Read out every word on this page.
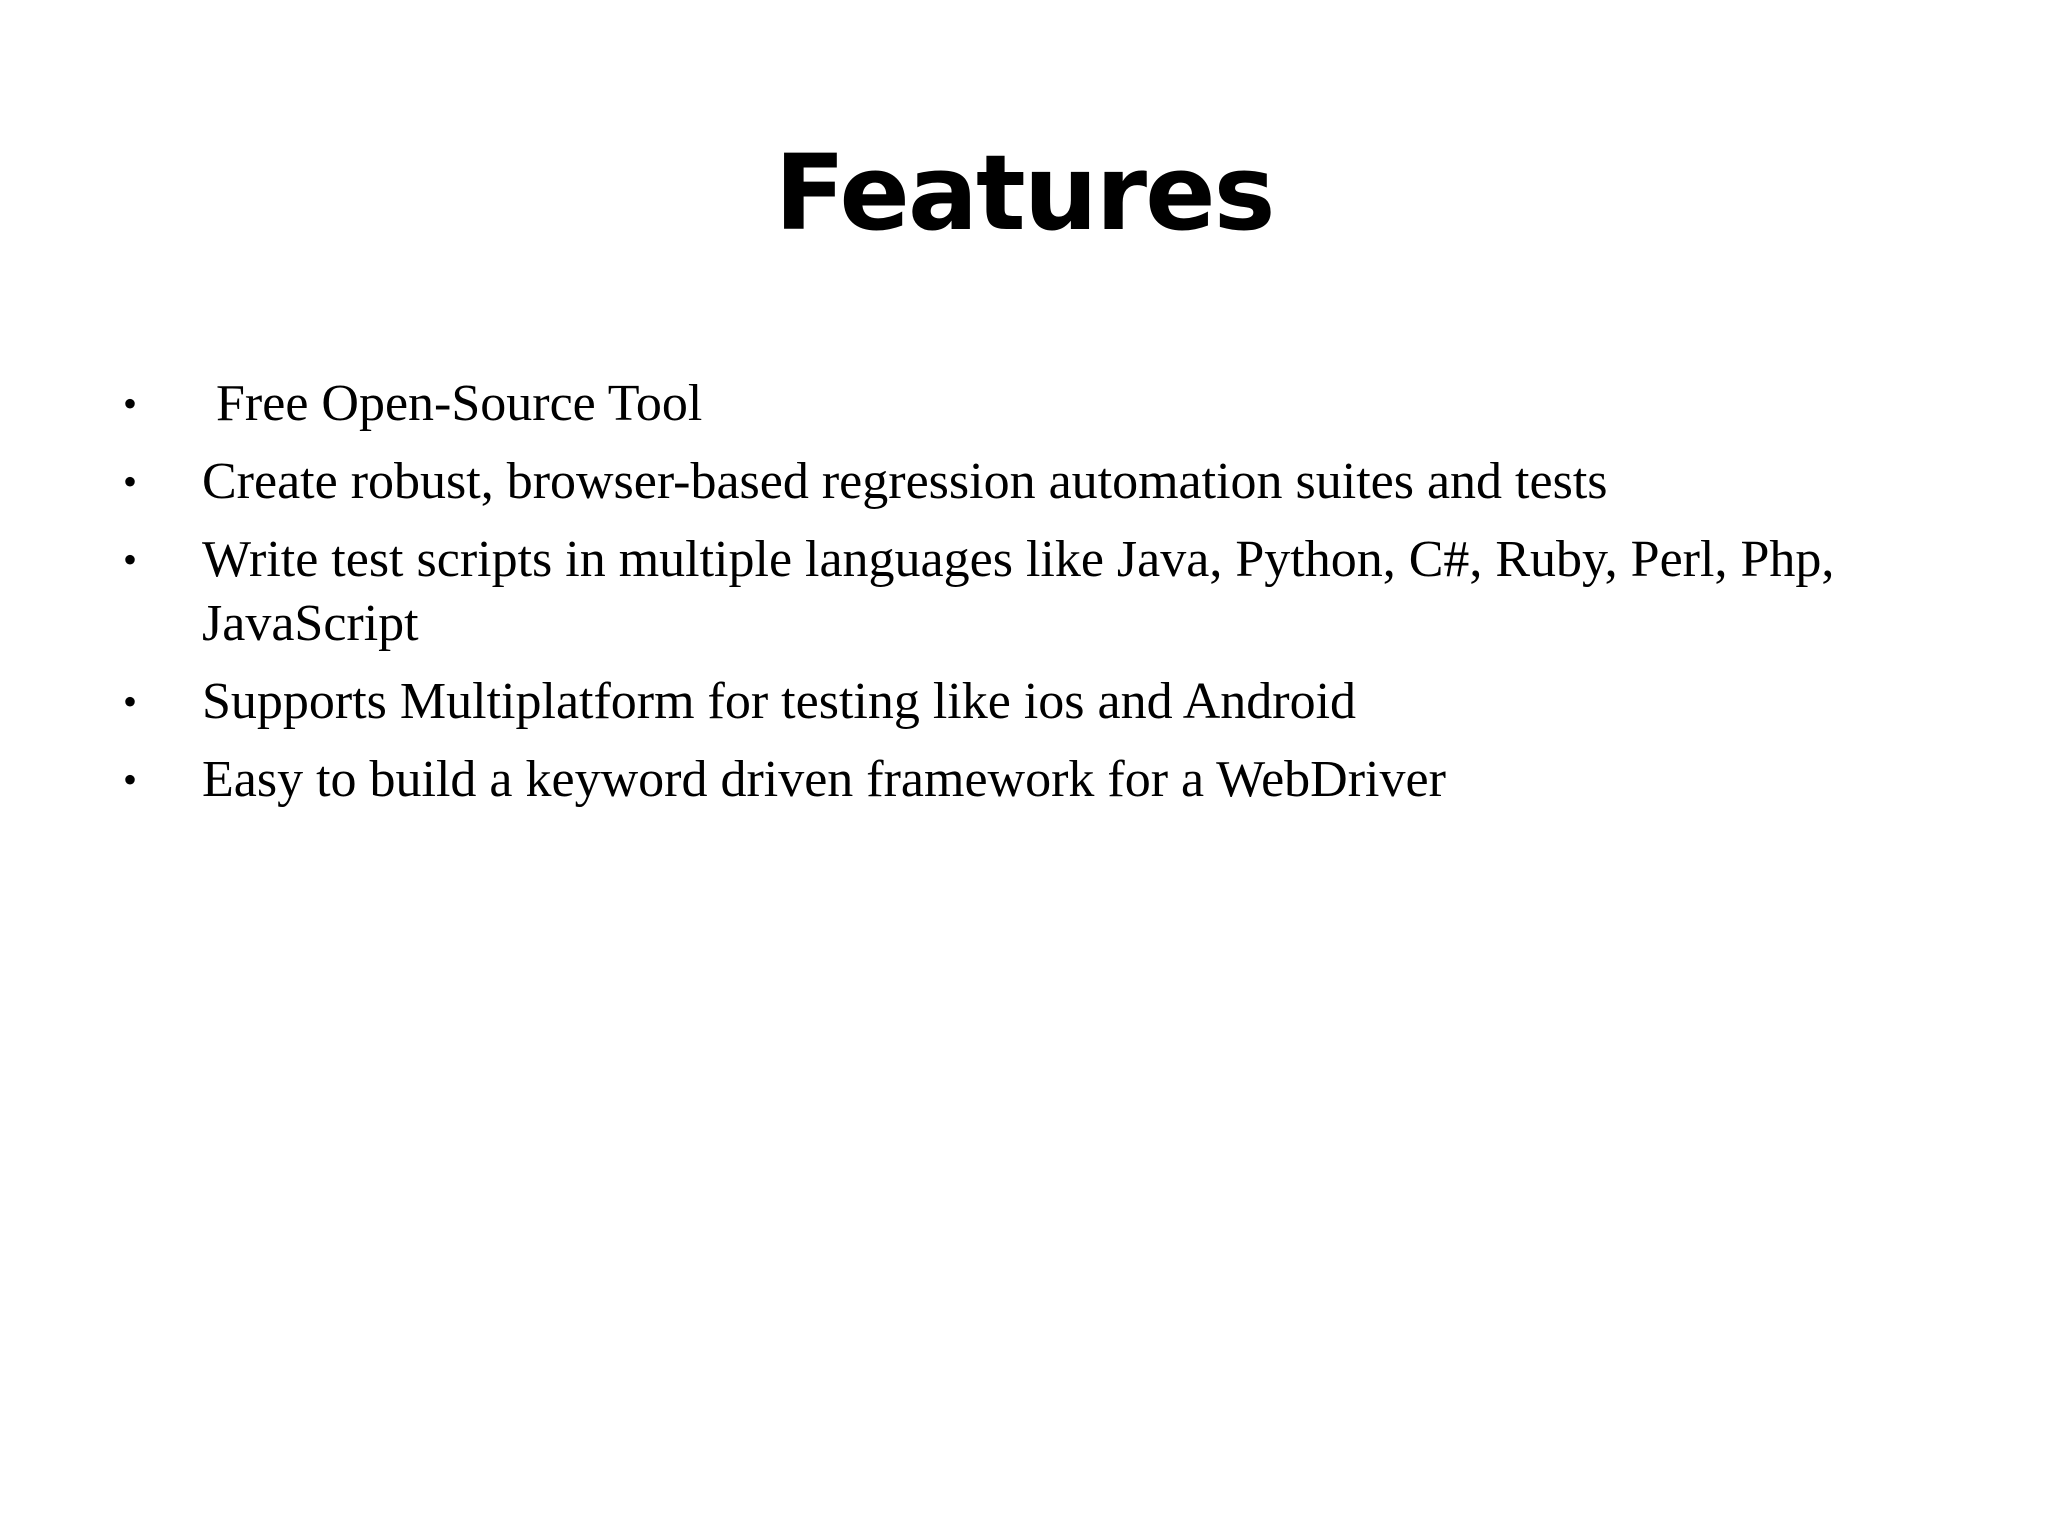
Features
• Free Open-Source Tool
• Create robust, browser-based regression automation suites and tests
• Write test scripts in multiple languages like Java, Python, C#, Ruby, Perl, Php, JavaScript
• Supports Multiplatform for testing like ios and Android
• Easy to build a keyword driven framework for a WebDriver
